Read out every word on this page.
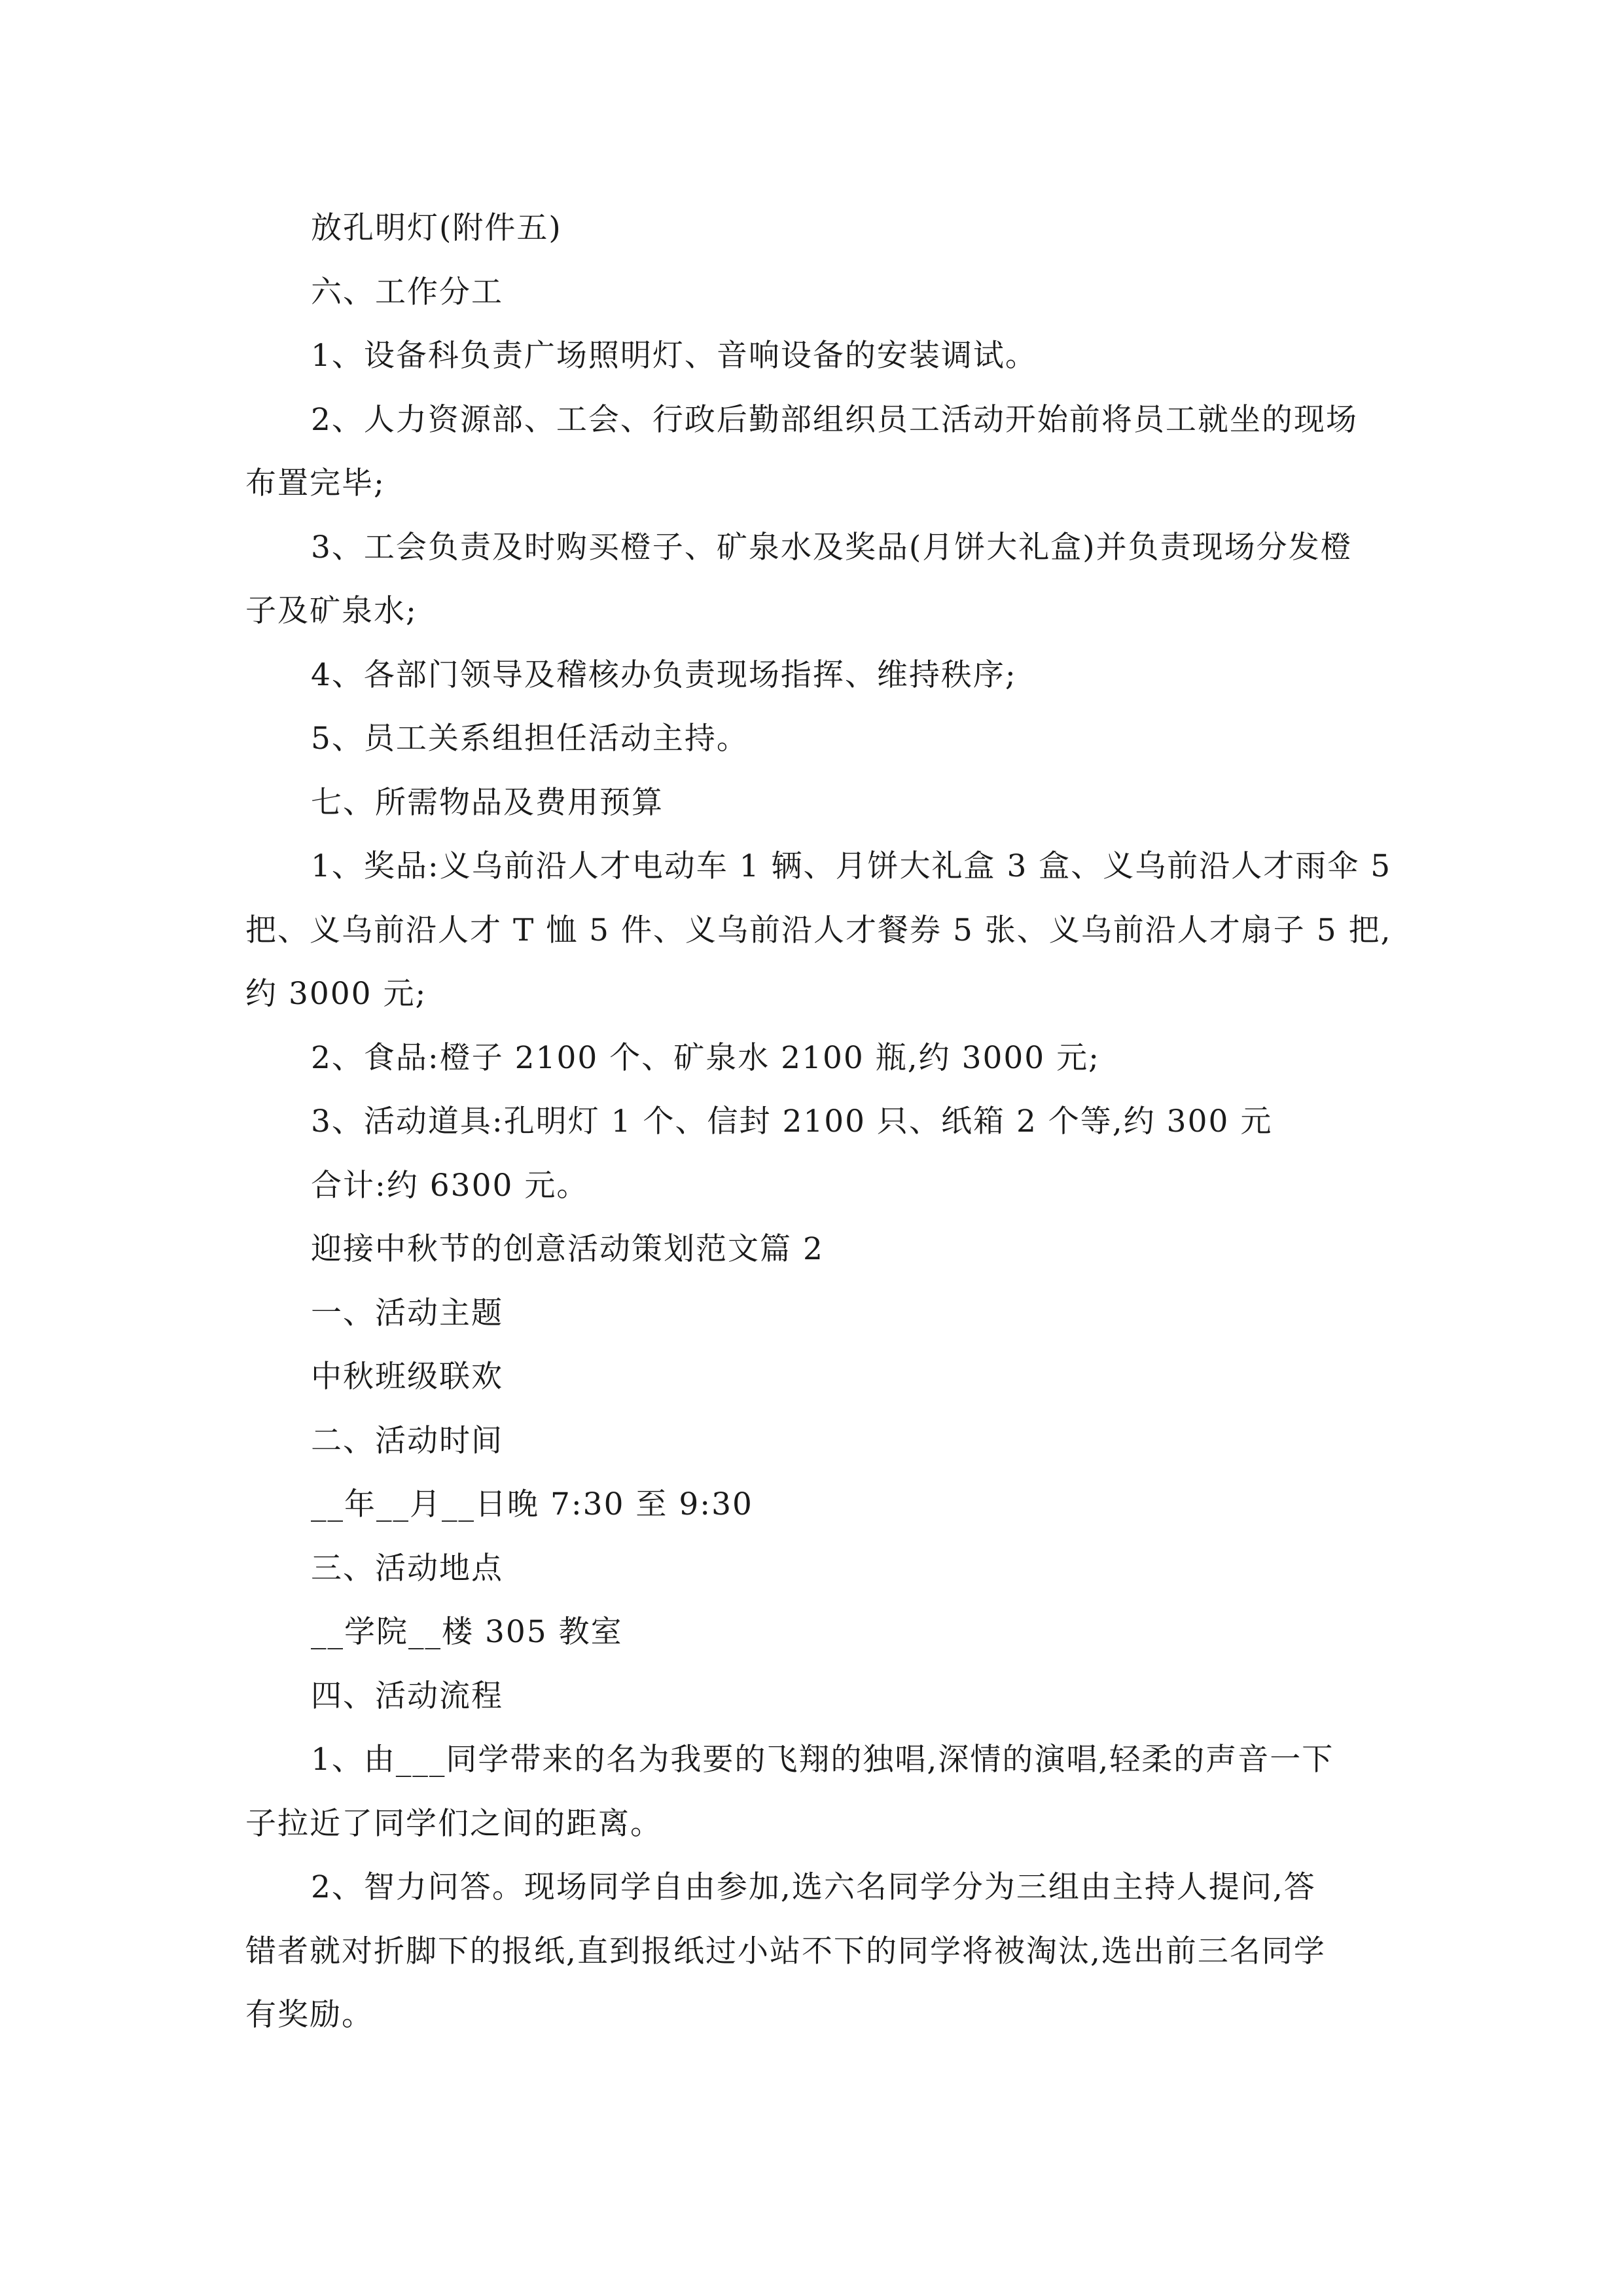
放孔明灯(附件五)
六、工作分工
1、设备科负责广场照明灯、音响设备的安装调试。
2、人力资源部、工会、行政后勤部组织员工活动开始前将员工就坐的现场
布置完毕;
3、工会负责及时购买橙子、矿泉水及奖品(月饼大礼盒)并负责现场分发橙
子及矿泉水;
4、各部门领导及稽核办负责现场指挥、维持秩序;
5、员工关系组担任活动主持。
七、所需物品及费用预算
1、奖品:义乌前沿人才电动车 1 辆、月饼大礼盒 3 盒、义乌前沿人才雨伞 5
把、义乌前沿人才 T 恤 5 件、义乌前沿人才餐券 5 张、义乌前沿人才扇子 5 把,
约 3000 元;
2、食品:橙子 2100 个、矿泉水 2100 瓶,约 3000 元;
3、活动道具:孔明灯 1 个、信封 2100 只、纸箱 2 个等,约 300 元
合计:约 6300 元。
迎接中秋节的创意活动策划范文篇 2
一、活动主题
中秋班级联欢
二、活动时间
__年__月__日晚 7:30 至 9:30
三、活动地点
__学院__楼 305 教室
四、活动流程
1、由___同学带来的名为我要的飞翔的独唱,深情的演唱,轻柔的声音一下
子拉近了同学们之间的距离。
2、智力问答。现场同学自由参加,选六名同学分为三组由主持人提问,答
错者就对折脚下的报纸,直到报纸过小站不下的同学将被淘汰,选出前三名同学
有奖励。
